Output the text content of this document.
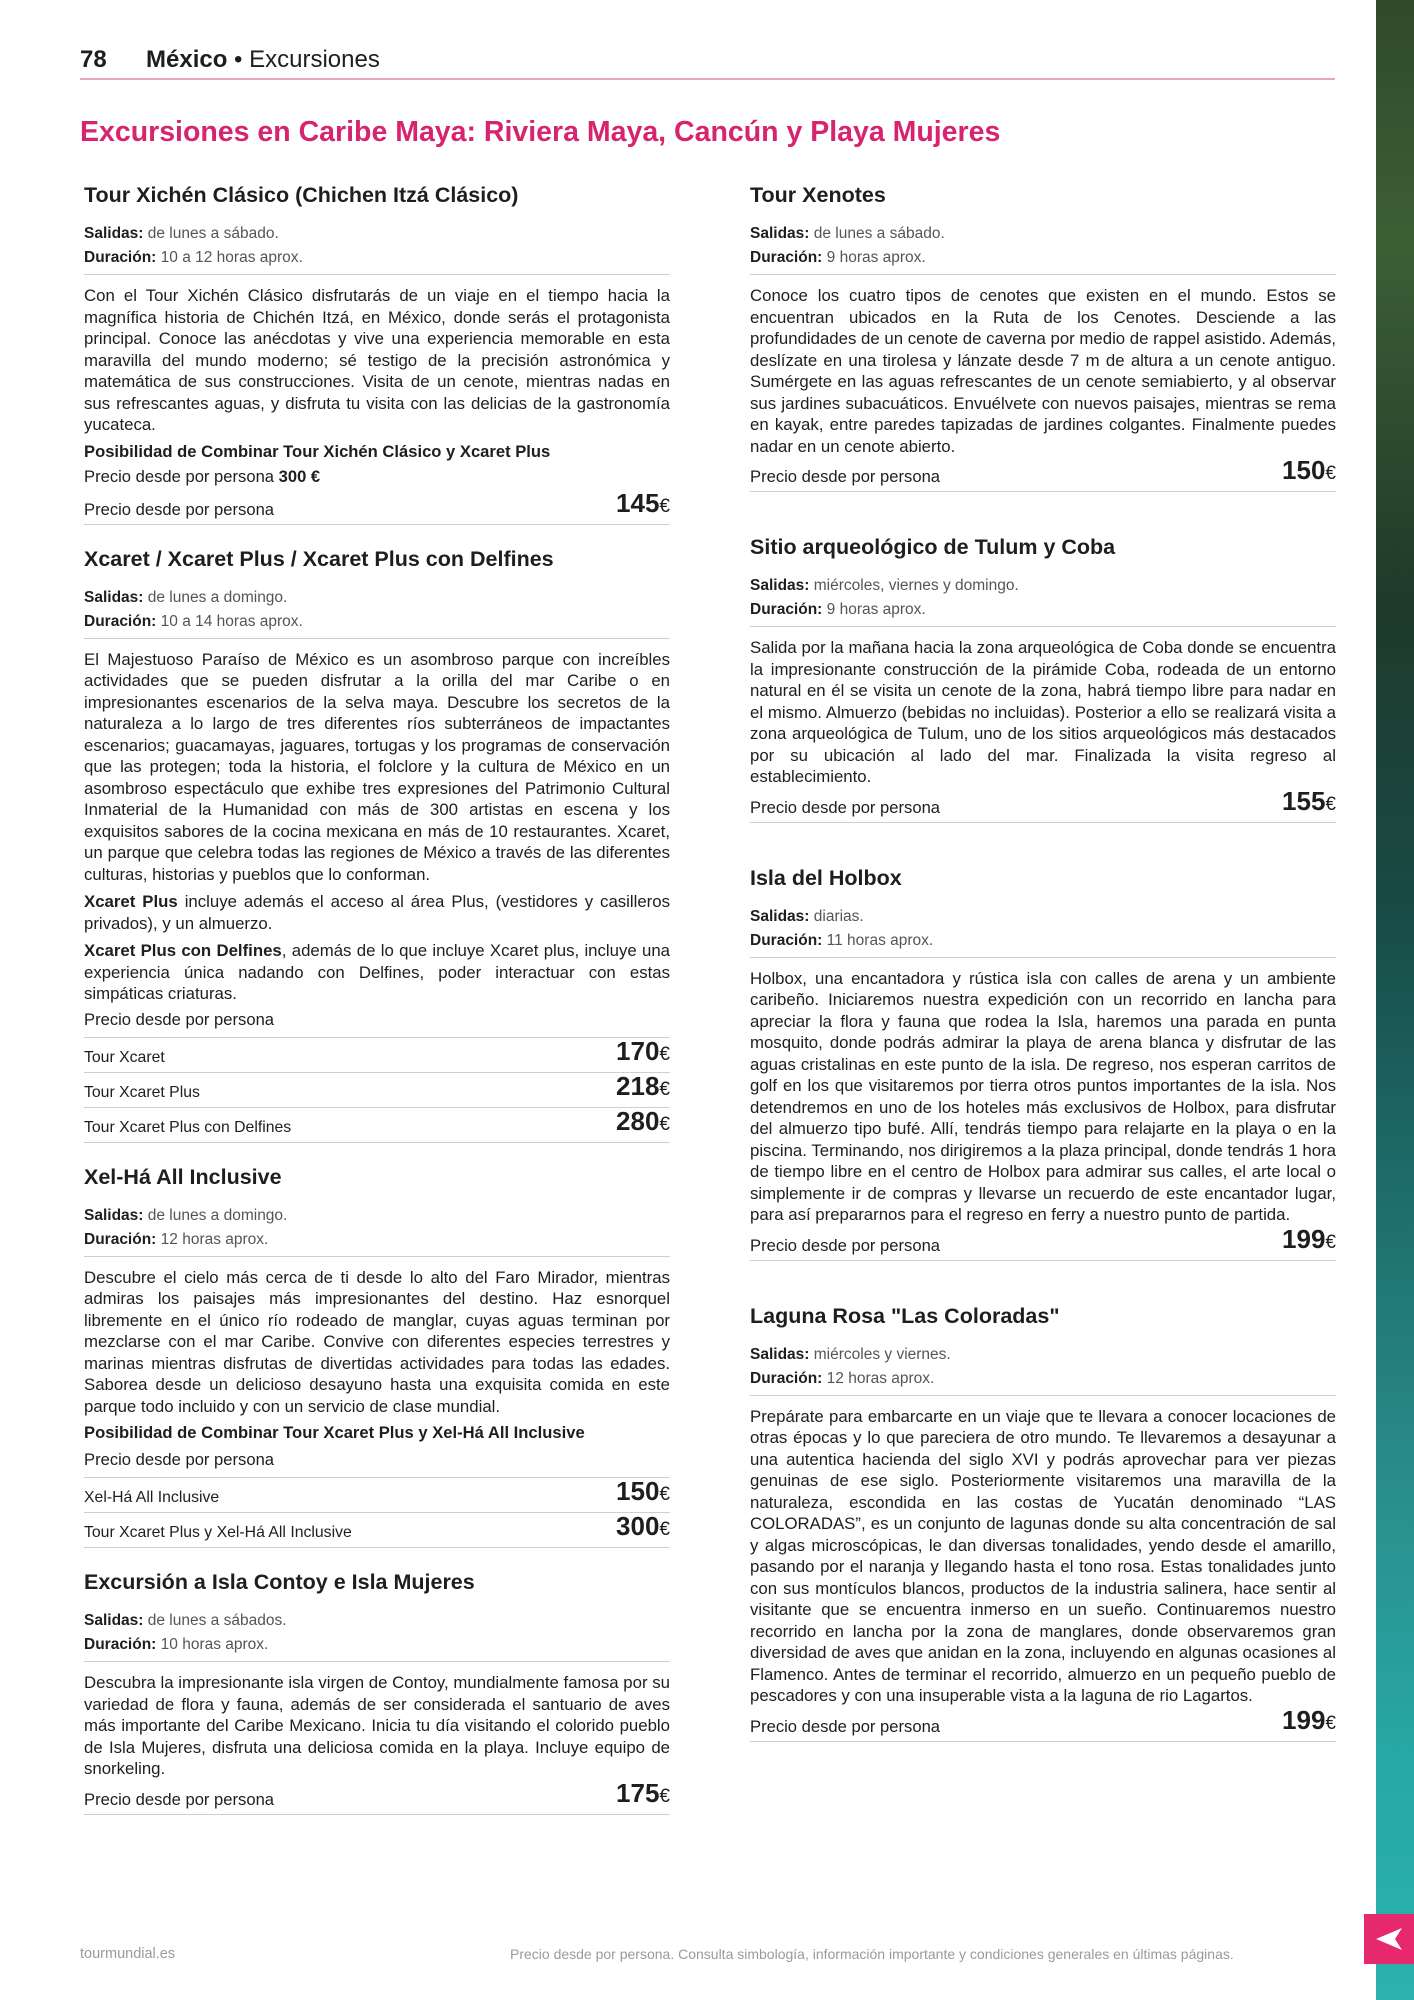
78 México • Excursiones
Excursiones en Caribe Maya: Riviera Maya, Cancún y Playa Mujeres
Tour Xichén Clásico (Chichen Itzá Clásico)
Salidas: de lunes a sábado.
Duración: 10 a 12 horas aprox.

Con el Tour Xichén Clásico disfrutarás de un viaje en el tiempo hacia la magnífica historia de Chichén Itzá, en México, donde serás el protagonista principal. Conoce las anécdotas y vive una experiencia memorable en esta maravilla del mundo moderno; sé testigo de la precisión astronómica y matemática de sus construcciones. Visita de un cenote, mientras nadas en sus refrescantes aguas, y disfruta tu visita con las delicias de la gastronomía yucateca.

Posibilidad de Combinar Tour Xichén Clásico y Xcaret Plus
Precio desde por persona 300 €
Precio desde por persona	145€
Xcaret / Xcaret Plus / Xcaret Plus con Delfines
Salidas: de lunes a domingo.
Duración: 10 a 14 horas aprox.

El Majestuoso Paraíso de México es un asombroso parque con increíbles actividades que se pueden disfrutar a la orilla del mar Caribe o en impresionantes escenarios de la selva maya. Descubre los secretos de la naturaleza a lo largo de tres diferentes ríos subterráneos de impactantes escenarios; guacamayas, jaguares, tortugas y los programas de conservación que las protegen; toda la historia, el folclore y la cultura de México en un asombroso espectáculo que exhibe tres expresiones del Patrimonio Cultural Inmaterial de la Humanidad con más de 300 artistas en escena y los exquisitos sabores de la cocina mexicana en más de 10 restaurantes. Xcaret, un parque que celebra todas las regiones de México a través de las diferentes culturas, historias y pueblos que lo conforman.

Xcaret Plus incluye además el acceso al área Plus, (vestidores y casilleros privados), y un almuerzo.

Xcaret Plus con Delfines, además de lo que incluye Xcaret plus, incluye una experiencia única nadando con Delfines, poder interactuar con estas simpáticas criaturas.

Precio desde por persona
Tour Xcaret	170€
Tour Xcaret Plus	218€
Tour Xcaret Plus con Delfines	280€
Xel-Há All Inclusive
Salidas: de lunes a domingo.
Duración: 12 horas aprox.

Descubre el cielo más cerca de ti desde lo alto del Faro Mirador, mientras admiras los paisajes más impresionantes del destino. Haz esnorquel libremente en el único río rodeado de manglar, cuyas aguas terminan por mezclarse con el mar Caribe. Convive con diferentes especies terrestres y marinas mientras disfrutas de divertidas actividades para todas las edades. Saborea desde un delicioso desayuno hasta una exquisita comida en este parque todo incluido y con un servicio de clase mundial.

Posibilidad de Combinar Tour Xcaret Plus y Xel-Há All Inclusive
Precio desde por persona
Xel-Há All Inclusive	150€
Tour Xcaret Plus y Xel-Há All Inclusive	300€
Excursión a Isla Contoy e Isla Mujeres
Salidas: de lunes a sábados.
Duración: 10 horas aprox.

Descubra la impresionante isla virgen de Contoy, mundialmente famosa por su variedad de flora y fauna, además de ser considerada el santuario de aves más importante del Caribe Mexicano. Inicia tu día visitando el colorido pueblo de Isla Mujeres, disfruta una deliciosa comida en la playa. Incluye equipo de snorkeling.

Precio desde por persona	175€
Tour Xenotes
Salidas: de lunes a sábado.
Duración: 9 horas aprox.

Conoce los cuatro tipos de cenotes que existen en el mundo. Estos se encuentran ubicados en la Ruta de los Cenotes. Desciende a las profundidades de un cenote de caverna por medio de rappel asistido. Además, deslízate en una tirolesa y lánzate desde 7 m de altura a un cenote antiguo. Sumérgete en las aguas refrescantes de un cenote semiabierto, y al observar sus jardines subacuáticos. Envuélvete con nuevos paisajes, mientras se rema en kayak, entre paredes tapizadas de jardines colgantes. Finalmente puedes nadar en un cenote abierto.

Precio desde por persona	150€
Sitio arqueológico de Tulum y Coba
Salidas: miércoles, viernes y domingo.
Duración: 9 horas aprox.

Salida por la mañana hacia la zona arqueológica de Coba donde se encuentra la impresionante construcción de la pirámide Coba, rodeada de un entorno natural en él se visita un cenote de la zona, habrá tiempo libre para nadar en el mismo. Almuerzo (bebidas no incluidas). Posterior a ello se realizará visita a zona arqueológica de Tulum, uno de los sitios arqueológicos más destacados por su ubicación al lado del mar. Finalizada la visita regreso al establecimiento.

Precio desde por persona	155€
Isla del Holbox
Salidas: diarias.
Duración: 11 horas aprox.

Holbox, una encantadora y rústica isla con calles de arena y un ambiente caribeño. Iniciaremos nuestra expedición con un recorrido en lancha para apreciar la flora y fauna que rodea la Isla, haremos una parada en punta mosquito, donde podrás admirar la playa de arena blanca y disfrutar de las aguas cristalinas en este punto de la isla. De regreso, nos esperan carritos de golf en los que visitaremos por tierra otros puntos importantes de la isla. Nos detendremos en uno de los hoteles más exclusivos de Holbox, para disfrutar del almuerzo tipo bufé. Allí, tendrás tiempo para relajarte en la playa o en la piscina. Terminando, nos dirigiremos a la plaza principal, donde tendrás 1 hora de tiempo libre en el centro de Holbox para admirar sus calles, el arte local o simplemente ir de compras y llevarse un recuerdo de este encantador lugar, para así prepararnos para el regreso en ferry a nuestro punto de partida.

Precio desde por persona	199€
Laguna Rosa "Las Coloradas"
Salidas: miércoles y viernes.
Duración: 12 horas aprox.

Prepárate para embarcarte en un viaje que te llevara a conocer locaciones de otras épocas y lo que pareciera de otro mundo. Te llevaremos a desayunar a una autentica hacienda del siglo XVI y podrás aprovechar para ver piezas genuinas de ese siglo. Posteriormente visitaremos una maravilla de la naturaleza, escondida en las costas de Yucatán denominado “LAS COLORADAS”, es un conjunto de lagunas donde su alta concentración de sal y algas microscópicas, le dan diversas tonalidades, yendo desde el amarillo, pasando por el naranja y llegando hasta el tono rosa. Estas tonalidades junto con sus montículos blancos, productos de la industria salinera, hace sentir al visitante que se encuentra inmerso en un sueño. Continuaremos nuestro recorrido en lancha por la zona de manglares, donde observaremos gran diversidad de aves que anidan en la zona, incluyendo en algunas ocasiones al Flamenco. Antes de terminar el recorrido, almuerzo en un pequeño pueblo de pescadores y con una insuperable vista a la laguna de rio Lagartos.

Precio desde por persona	199€
tourmundial.es	Precio desde por persona. Consulta simbología, información importante y condiciones generales en últimas páginas.
